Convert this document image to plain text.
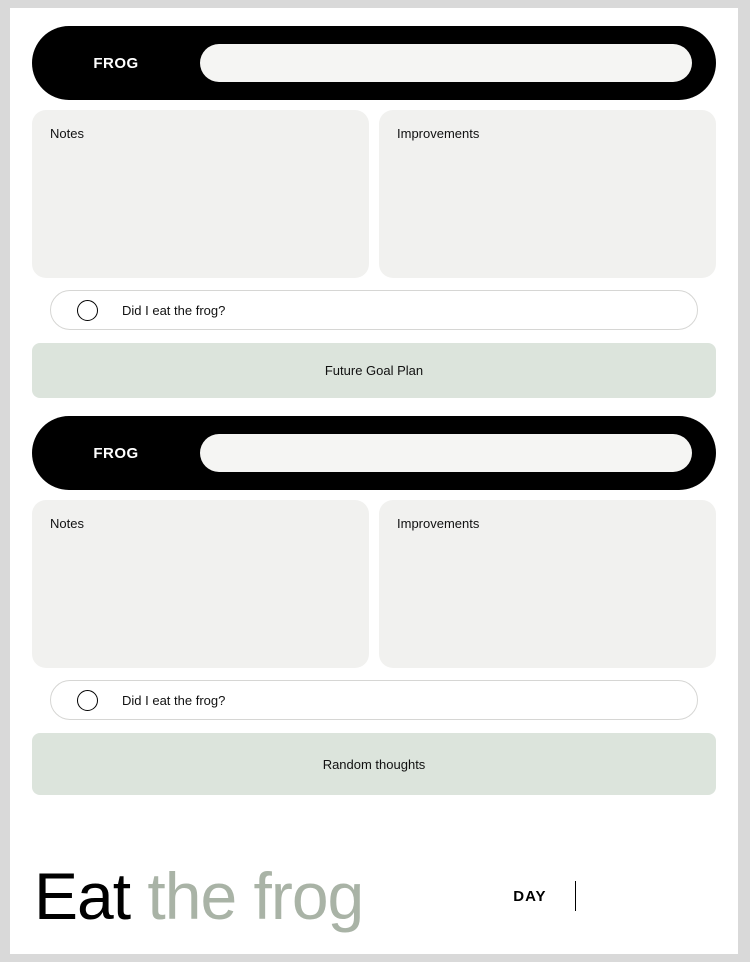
FROG
Notes	Improvements
Did I eat the frog?
Future Goal Plan
FROG
Notes	Improvements
Did I eat the frog?
Random thoughts
Eat the frog	DAY
